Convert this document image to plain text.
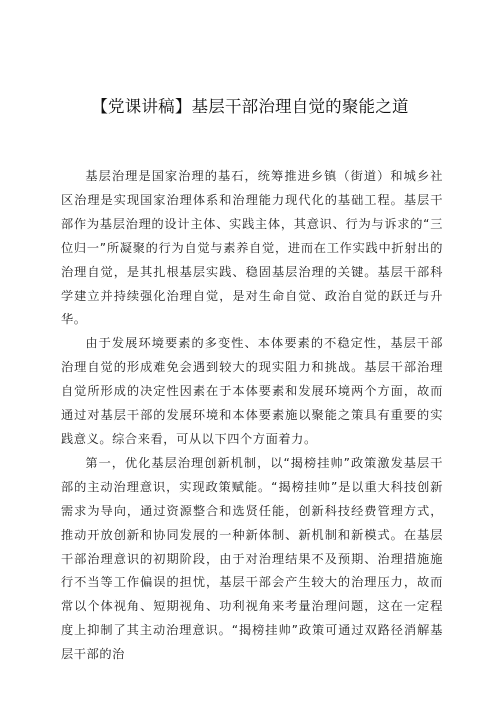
【党课讲稿】基层干部治理自觉的聚能之道

基层治理是国家治理的基石，统筹推进乡镇（街道）和城乡社区治理是实现国家治理体系和治理能力现代化的基础工程。基层干部作为基层治理的设计主体、实践主体，其意识、行为与诉求的“三位归一”所凝聚的行为自觉与素养自觉，进而在工作实践中折射出的治理自觉，是其扎根基层实践、稳固基层治理的关键。基层干部科学建立并持续强化治理自觉，是对生命自觉、政治自觉的跃迁与升华。

由于发展环境要素的多变性、本体要素的不稳定性，基层干部治理自觉的形成难免会遇到较大的现实阻力和挑战。基层干部治理自觉所形成的决定性因素在于本体要素和发展环境两个方面，故而通过对基层干部的发展环境和本体要素施以聚能之策具有重要的实践意义。综合来看，可从以下四个方面着力。

第一，优化基层治理创新机制，以“揭榜挂帅”政策激发基层干部的主动治理意识，实现政策赋能。“揭榜挂帅”是以重大科技创新需求为导向，通过资源整合和选贤任能，创新科技经费管理方式，推动开放创新和协同发展的一种新体制、新机制和新模式。在基层干部治理意识的初期阶段，由于对治理结果不及预期、治理措施施行不当等工作偏误的担忧，基层干部会产生较大的治理压力，故而常以个体视角、短期视角、功利视角来考量治理问题，这在一定程度上抑制了其主动治理意识。“揭榜挂帅”政策可通过双路径消解基层干部的治
